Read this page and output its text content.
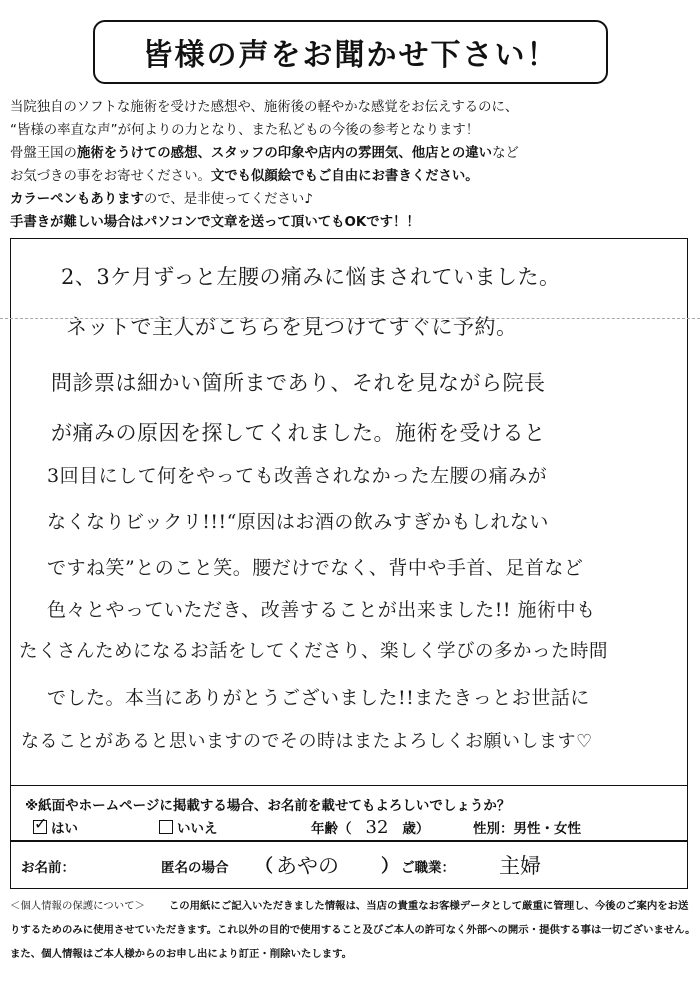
皆様の声をお聞かせ下さい！
当院独自のソフトな施術を受けた感想や、施術後の軽やかな感覚をお伝えするのに、
“皆様の率直な声”が何よりの力となり、また私どもの今後の参考となります！
骨盤王国の施術をうけての感想、スタッフの印象や店内の雰囲気、他店との違いなど
お気づきの事をお寄せください。文でも似顔絵でもご自由にお書きください。
カラーペンもありますので、是非使ってください♪
手書きが難しい場合はパソコンで文章を送って頂いてもOKです！！
2、3ケ月ずっと左腰の痛みに悩まされていました。
ネットで主人がこちらを見つけてすぐに予約。
問診票は細かい箇所まであり、それを見ながら院長
が痛みの原因を探してくれました。施術を受けると
3回目にして何をやっても改善されなかった左腰の痛みが
なくなりビックリ!!!“原因はお酒の飲みすぎかもしれない
ですね笑”とのこと笑。腰だけでなく、背中や手首、足首など
色々とやっていただき、改善することが出来ました!! 施術中も
たくさんためになるお話をしてくださり、楽しく学びの多かった時間
でした。本当にありがとうございました!!またきっとお世話に
なることがあると思いますのでその時はまたよろしくお願いします♡
※紙面やホームページに掲載する場合、お名前を載せてもよろしいでしょうか？
✓ はい	いいえ	年齢（ 32 歳）	性別：男性・女性
お名前：	匿名の場合 （ あやの ） ご職業： 主婦
＜個人情報の保護について＞ この用紙にご記入いただきました情報は、当店の貴重なお客様データとして厳重に管理し、今後のご案内をお送
りするためのみに使用させていただきます。これ以外の目的で使用すること及びご本人の許可なく外部への開示・提供する事は一切ございません。
また、個人情報はご本人様からのお申し出により訂正・削除いたします。
